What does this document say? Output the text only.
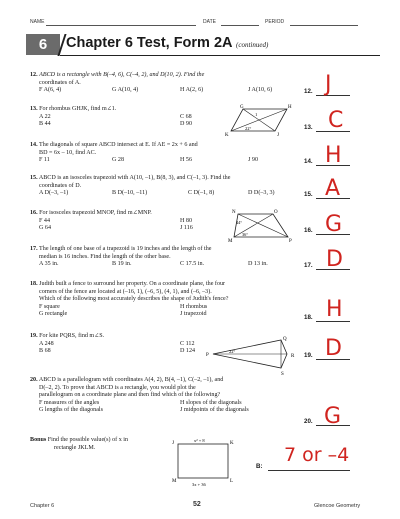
NAME	DATE	PERIOD
6	Chapter 6 Test, Form 2A (continued)
12. ABCD is a rectangle with B(–4, 6), C(–4, 2), and D(10, 2). Find the
coordinates of A.
F A(6, 4)	G A(10, 4)	H A(2, 6)	J A(10, 6)	12. J
13. For rhombus GHJK, find m∠1.
A 22	C 68
B 44	D 90
G	H
K	J
22°
1
13. C
14. The diagonals of square ABCD intersect at E. If AE = 2x + 6 and
BD = 6x – 10, find AC.
F 11	G 28	H 56	J 90	14. H
15. ABCD is an isosceles trapezoid with A(10, –1), B(8, 3), and C(–1, 3). Find the
coordinates of D.
A D(–3, –1)	B D(–10, –11)	C D(–1, 8)	D D(–3, 3)	15. A
16. For isosceles trapezoid MNOP, find m∠MNP.
F 44	H 80
G 64	J 116
N	O
M	P
44°
36°
16. G
17. The length of one base of a trapezoid is 19 inches and the length of the
median is 16 inches. Find the length of the other base.
A 35 in.	B 19 in.	C 17.5 in.	D 13 in.	17. D
18. Judith built a fence to surround her property. On a coordinate plane, the four
corners of the fence are located at (–16, 1), (–6, 5), (4, 1), and (–6, –3).
Which of the following most accurately describes the shape of Judith's fence?
F square	H rhombus
G rectangle	J trapezoid	18. H
19. For kite PQRS, find m∠S.
A 248	C 112
B 68	D 124
Q
P	R
S
22°
19. D
20. ABCD is a parallelogram with coordinates A(4, 2), B(4, –1), C(–2, –1), and
D(–2, 2). To prove that ABCD is a rectangle, you would plot the
parallelogram on a coordinate plane and then find which of the following?
F measures of the angles	H slopes of the diagonals
G lengths of the diagonals	J midpoints of the diagonals
20. G
Bonus Find the possible value(s) of x in
rectangle JKLM.
J	K
M	L
x² + 8
3x + 36
B:
7 or –4
Chapter 6	52	Glencoe Geometry
